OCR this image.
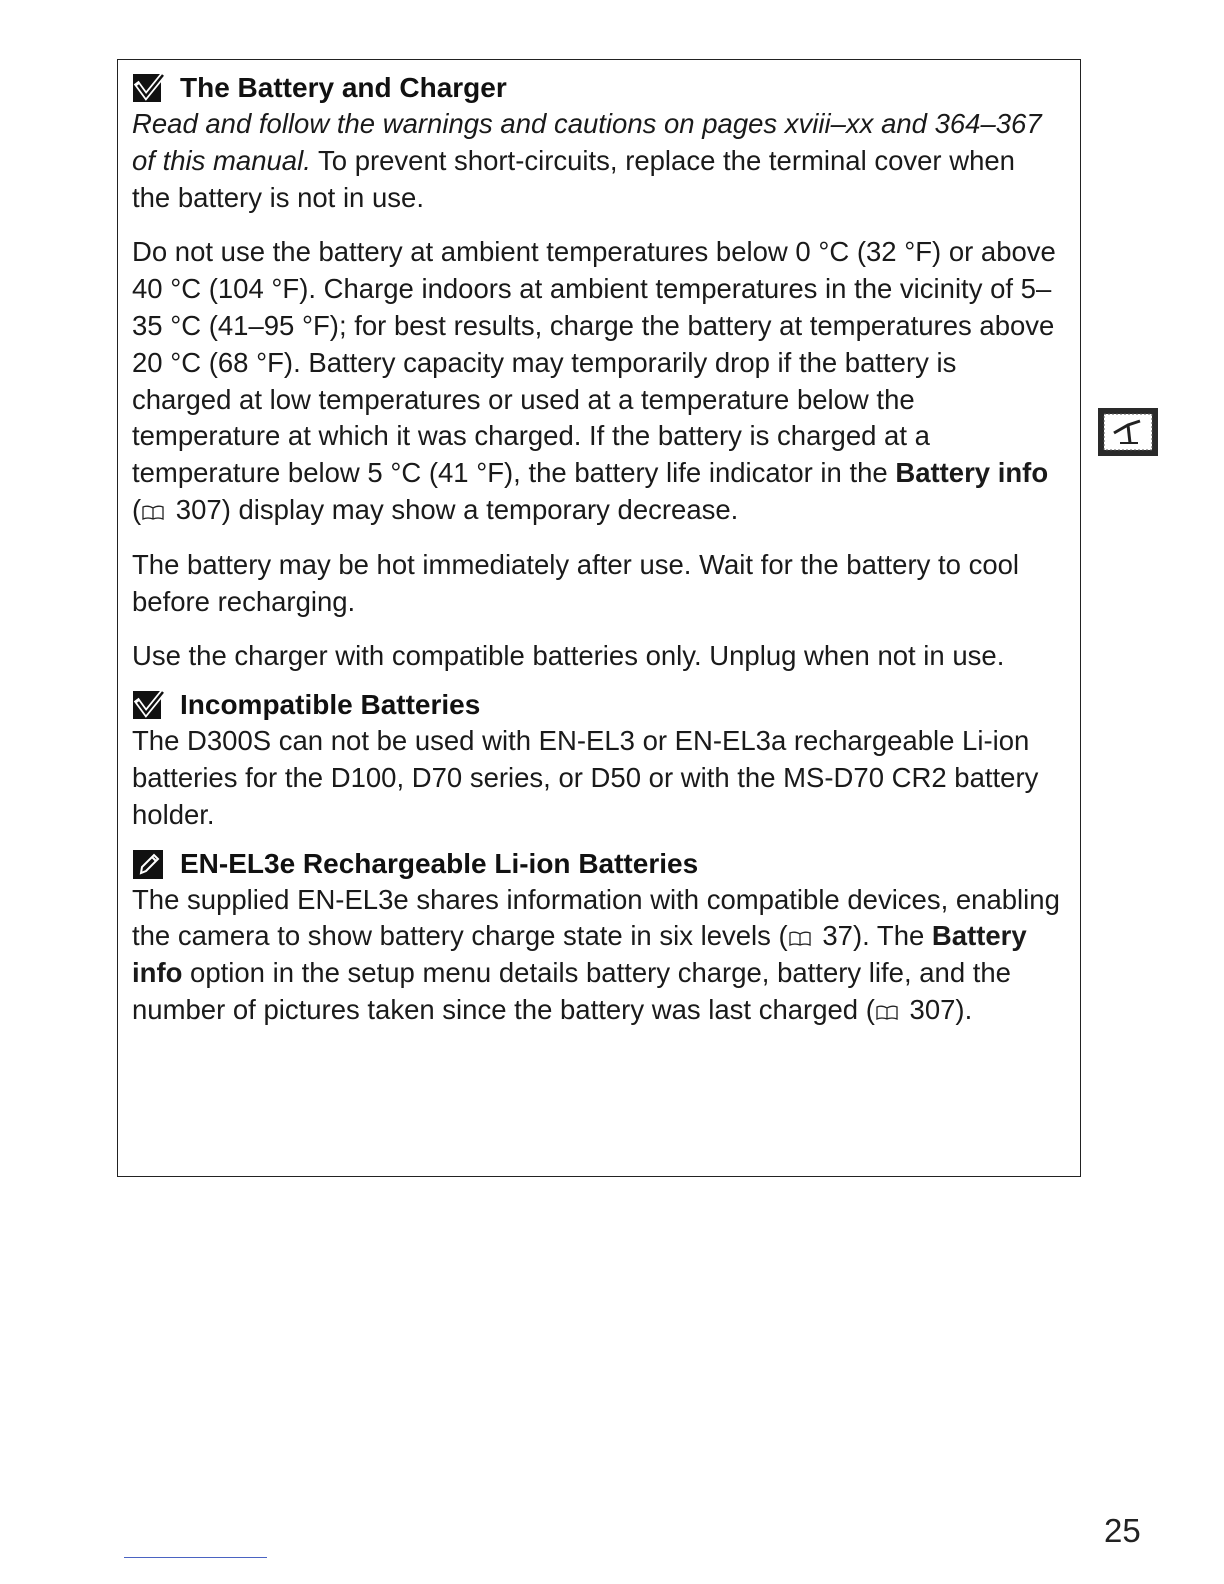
The Battery and Charger

Read and follow the warnings and cautions on pages xviii–xx and 364–367 of this manual. To prevent short-circuits, replace the terminal cover when the battery is not in use.

Do not use the battery at ambient temperatures below 0 °C (32 °F) or above 40 °C (104 °F). Charge indoors at ambient temperatures in the vicinity of 5–35 °C (41–95 °F); for best results, charge the battery at temperatures above 20 °C (68 °F). Battery capacity may temporarily drop if the battery is charged at low temperatures or used at a temperature below the temperature at which it was charged. If the battery is charged at a temperature below 5 °C (41 °F), the battery life indicator in the Battery info ( 307) display may show a temporary decrease.

The battery may be hot immediately after use. Wait for the battery to cool before recharging.

Use the charger with compatible batteries only. Unplug when not in use.

Incompatible Batteries

The D300S can not be used with EN-EL3 or EN-EL3a rechargeable Li-ion batteries for the D100, D70 series, or D50 or with the MS-D70 CR2 battery holder.

EN-EL3e Rechargeable Li-ion Batteries

The supplied EN-EL3e shares information with compatible devices, enabling the camera to show battery charge state in six levels ( 37). The Battery info option in the setup menu details battery charge, battery life, and the number of pictures taken since the battery was last charged ( 307).

25
